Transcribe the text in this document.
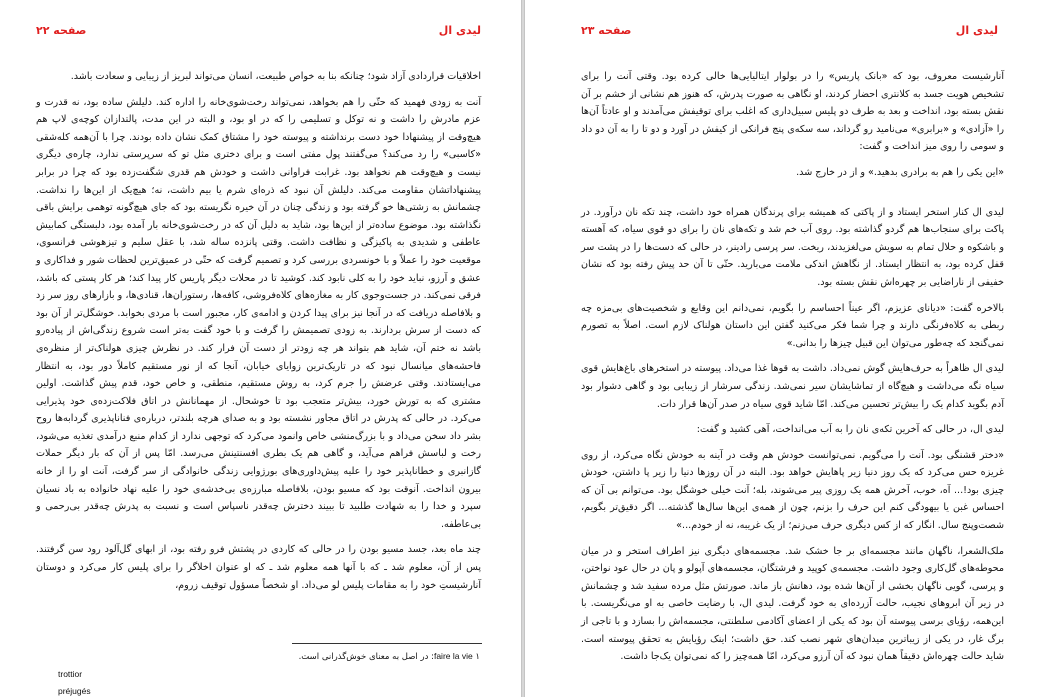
لیدی ال
صفحه ۲۲

اخلاقیات قراردادی آزاد شود؛ چنانکه بنا به خواص طبیعت، انسان می‌تواند لبریز از زیبایی و سعادت باشد.

آنت به زودی فهمید که حتّی را هم بخواهد، نمی‌تواند رخت‌شوی‌خانه را اداره کند. دلیلش ساده بود، نه قدرت و عزم مادرش را داشت و نه توکل و تسلیمی را که در او بود، و البته در این مدت، پالتدازان کوچه‌ی لاپ هم هیچ‌وقت از پیشنهادا خود دست برنداشته و پیوسته خود را مشتاق کمک نشان داده بودند. چرا با آن‌همه کله‌شقی «کاسبی» را رد می‌کند؟ می‌گفتند پول مفتی است و برای دختری مثل تو که سرپرستی ندارد، چاره‌ی دیگری نیست و هیچ‌وقت هم نخواهد بود. غرابت فراوانی داشت و خودش هم قدری شگفت‌زده بود که چرا در برابر پیشنهاداتشان مقاومت می‌کند. دلیلش آن نبود که ذره‌ای شرم یا بیم داشت، نه؛ هیچ‌یک از این‌ها را نداشت. چشمانش به زشتی‌ها خو گرفته بود و زندگی چنان در آن خیره نگریسته بود که جای هیچ‌گونه توهمی برایش باقی نگذاشته بود. موضوع ساده‌تر از این‌ها بود، شاید به دلیل آن که در رخت‌شوی‌خانه بار آمده بود، دلبستگی کمابیش عاطفی و شدیدی به پاکیزگی و نظافت داشت. وقتی پانزده ساله شد، با عقل سلیم و تیزهوشی فرانسوی، موقعیت خود را عملاً و با خونسردی بررسی کرد و تصمیم گرفت که حتّی در عمیق‌ترین لحظات شور و فداکاری و عشق و آرزو، نباید خود را به کلی نابود کند. کوشید تا در محلات دیگر پاریس کار پیدا کند؛ هر کار پستی که باشد، فرقی نمی‌کند. در جست‌وجوی کار به مغازه‌های کلاه‌فروشی، کافه‌ها، رستوران‌ها، قنادی‌ها، و بازارهای روز سر زد و بلافاصله دریافت که در آنجا نیز برای پیدا کردن و ادامه‌ی کار، مجبور است با مردی بخوابد. خوشگل‌تر از آن بود که دست از سرش بردارند. به زودی تصمیمش را گرفت و با خود گفت به‌تر است شروع زندگی‌اش از پیاده‌رو باشد نه ختم آن، شاید هم بتواند هر چه زودتر از دست آن فرار کند. در نظرش چیزی هولناک‌تر از منظره‌ی فاحشه‌های میانسال نبود که در تاریک‌ترین زوایای خیابان، آنجا که از نور مستقیم کاملاً دور بود، به انتظار می‌ایستادند. وقتی عرضش را جرم کرد، به روش مستقیم، منطقی، و خاص خود، قدم پیش گذاشت. اولین مشتری که به تورش خورد، بیش‌تر متعجب بود تا خوشحال. از مهمانانش در اتاق فلاکت‌زده‌ی خود پذیرایی می‌کرد. در حالی که پدرش در اتاق مجاور نشسته بود و به صدای هرچه بلندتر، درباره‌ی فناناپذیری گردابه‌ها روح بشر داد سخن می‌داد و با بزرگ‌منشی خاص وانمود می‌کرد که توجهی ندارد از کدام منبع درآمدی تغذیه می‌شود، رخت و لباسش فراهم می‌آید، و گاهی هم یک بطری افسنتینش می‌رسد. امّا پس از آن که بار دیگر حملات گازانبری و خطاناپذیر خود را علیه پیش‌داوری‌های بورژوایی زندگی خانوادگی از سر گرفت، آنت او را از خانه بیرون انداخت. آنوقت بود که مسیو بودن، بلافاصله مبارزه‌ی بی‌خدشه‌ی خود را علیه نهاد خانواده به باد نسیان سپرد و خدا را به شهادت طلبید تا ببیند دخترش چه‌قدر ناسپاس است و نسبت به پدرش چه‌قدر بی‌رحمی و بی‌عاطفه.

چند ماه بعد، جسد مسیو بودن را در حالی که کاردی در پشتش فرو رفته بود، از ابهای گل‌آلود رود سن گرفتند. پس از آن، معلوم شد ـ که با آنها همه معلوم شد ـ که او عنوان اخلاگر را برای پلیس کار می‌کرد و دوستان آنارشیستِ خود را به مقامات پلیس لو می‌داد. او شخصاً مسؤول توقیف زروم،

۱ faire la vie: در اصل به معنای خوش‌گذرانی است.
trottior
préjugés
لیدی ال
صفحه ۲۳

آنارشیست معروف، بود که «بانک پاریس» را در بولوار ایتالیایی‌ها خالی کرده بود. وقتی آنت را برای تشخیص هویت جسد به کلانتری احضار کردند، او نگاهی به صورت پدرش، که هنوز هم نشانی از خشم بر آن نقش بسته بود، انداخت و بعد به طرف دو پلیس سبیل‌داری که اغلب برای توقیفش می‌آمدند و او عادتاً آن‌ها را «آزادی» و «برابری» می‌نامید رو گرداند، سه سکه‌ی پنج فرانکی از کیفش در آورد و دو تا را به آن دو داد و سومی را روی میز انداخت و گفت:

«این یکی را هم به برادری بدهید.» و از در خارج شد.

لیدی ال کنار استخر ایستاد و از پاکتی که همیشه برای پرندگان همراه خود داشت، چند تکه نان درآورد. در پاکت برای سنجاب‌ها هم گردو گذاشته بود. روی آب خم شد و تکه‌های نان را برای دو قوی سیاه، که آهسته و باشکوه و حلال تمام به سویش می‌لغزیدند، ریخت. سر پرسی رادینر، در حالی که دست‌ها را در پشت سر قفل کرده بود، به انتظار ایستاد. از نگاهش اندکی ملامت می‌بارید. حتّی تا آن حد پیش رفته بود که نشان خفیفی از ناراضایی بر چهره‌اش نقش بسته بود.

بالاخره گفت: «دیانای عزیزم، اگر عیناً احساسم را بگویم، نمی‌دانم این وقایع و شخصیت‌های بی‌مزه چه ربطی به کلاه‌فرنگی دارند و چرا شما فکر می‌کنید گفتن این داستان هولناک لازم است. اصلاً به تصورم نمی‌گنجد که چه‌طور می‌توان این قبیل چیزها را بدانی.»

لیدی ال ظاهراً به حرف‌هایش گوش نمی‌داد. داشت به قوها غذا می‌داد. پیوسته در استخرهای باغ‌هایش قوی سیاه نگه می‌داشت و هیچ‌گاه از تماشایشان سیر نمی‌شد. زندگی سرشار از زیبایی بود و گاهی دشوار بود آدم بگوید کدام یک را بیش‌تر تحسین می‌کند. امّا شاید قوی سیاه در صدر آن‌ها قرار دات.

لیدی ال، در حالی که آخرین تکه‌ی نان را به آب می‌انداخت، آهی کشید و گفت:

«دختر قشنگی بود. آنت را می‌گویم. نمی‌توانست خودش هم وقت در آینه به خودش نگاه می‌کرد، از روی غریزه حس می‌کرد که یک روز دنیا زیر پاهایش خواهد بود. البته در آن روزها دنیا را زیر پا داشتن، خودش چیزی بود!... آه، خوب، آخرش همه یک روزی پیر می‌شوند، بله؛ آنت خیلی خوشگل بود. می‌توانم بی آن که احساس غبن یا بیهودگی کنم این حرف را بزنم، چون از همه‌ی این‌ها سال‌ها گذشته... اگر دقیق‌تر بگویم، شصت‌وپنج سال. انگار که از کس دیگری حرف می‌زنم؛ از یک غریبه، نه از خودم...»

ملک‌الشعرا، ناگهان مانند مجسمه‌ای بر جا خشک شد. مجسمه‌های دیگری نیز اطراف استخر و در میان محوطه‌های گل‌کاری وجود داشت. مجسمه‌ی کوپید و فرشتگان، مجسمه‌های آپولو و پان در حال عود نواختن، و پرسی، گویی ناگهان بخشی از آن‌ها شده بود، دهانش باز ماند. صورتش مثل مرده سفید شد و چشمانش در زیر آن ابروهای نجیب، حالت آزرده‌ای به خود گرفت. لیدی ال، با رضایت خاصی به او می‌نگریست. با این‌همه، رؤیای برسی پیوسته آن بود که یکی از اعضای آکادمی سلطنتی، مجسمه‌اش را بسازد و با تاجی از برگ غار، در یکی از زیباترین میدان‌های شهر نصب کند. حق داشت؛ اینک رؤیایش به تحقق پیوسته است. شاید حالت چهره‌اش دقیقاً همان نبود که آن آرزو می‌کرد، امّا همه‌چیز را که نمی‌توان یک‌جا داشت.
